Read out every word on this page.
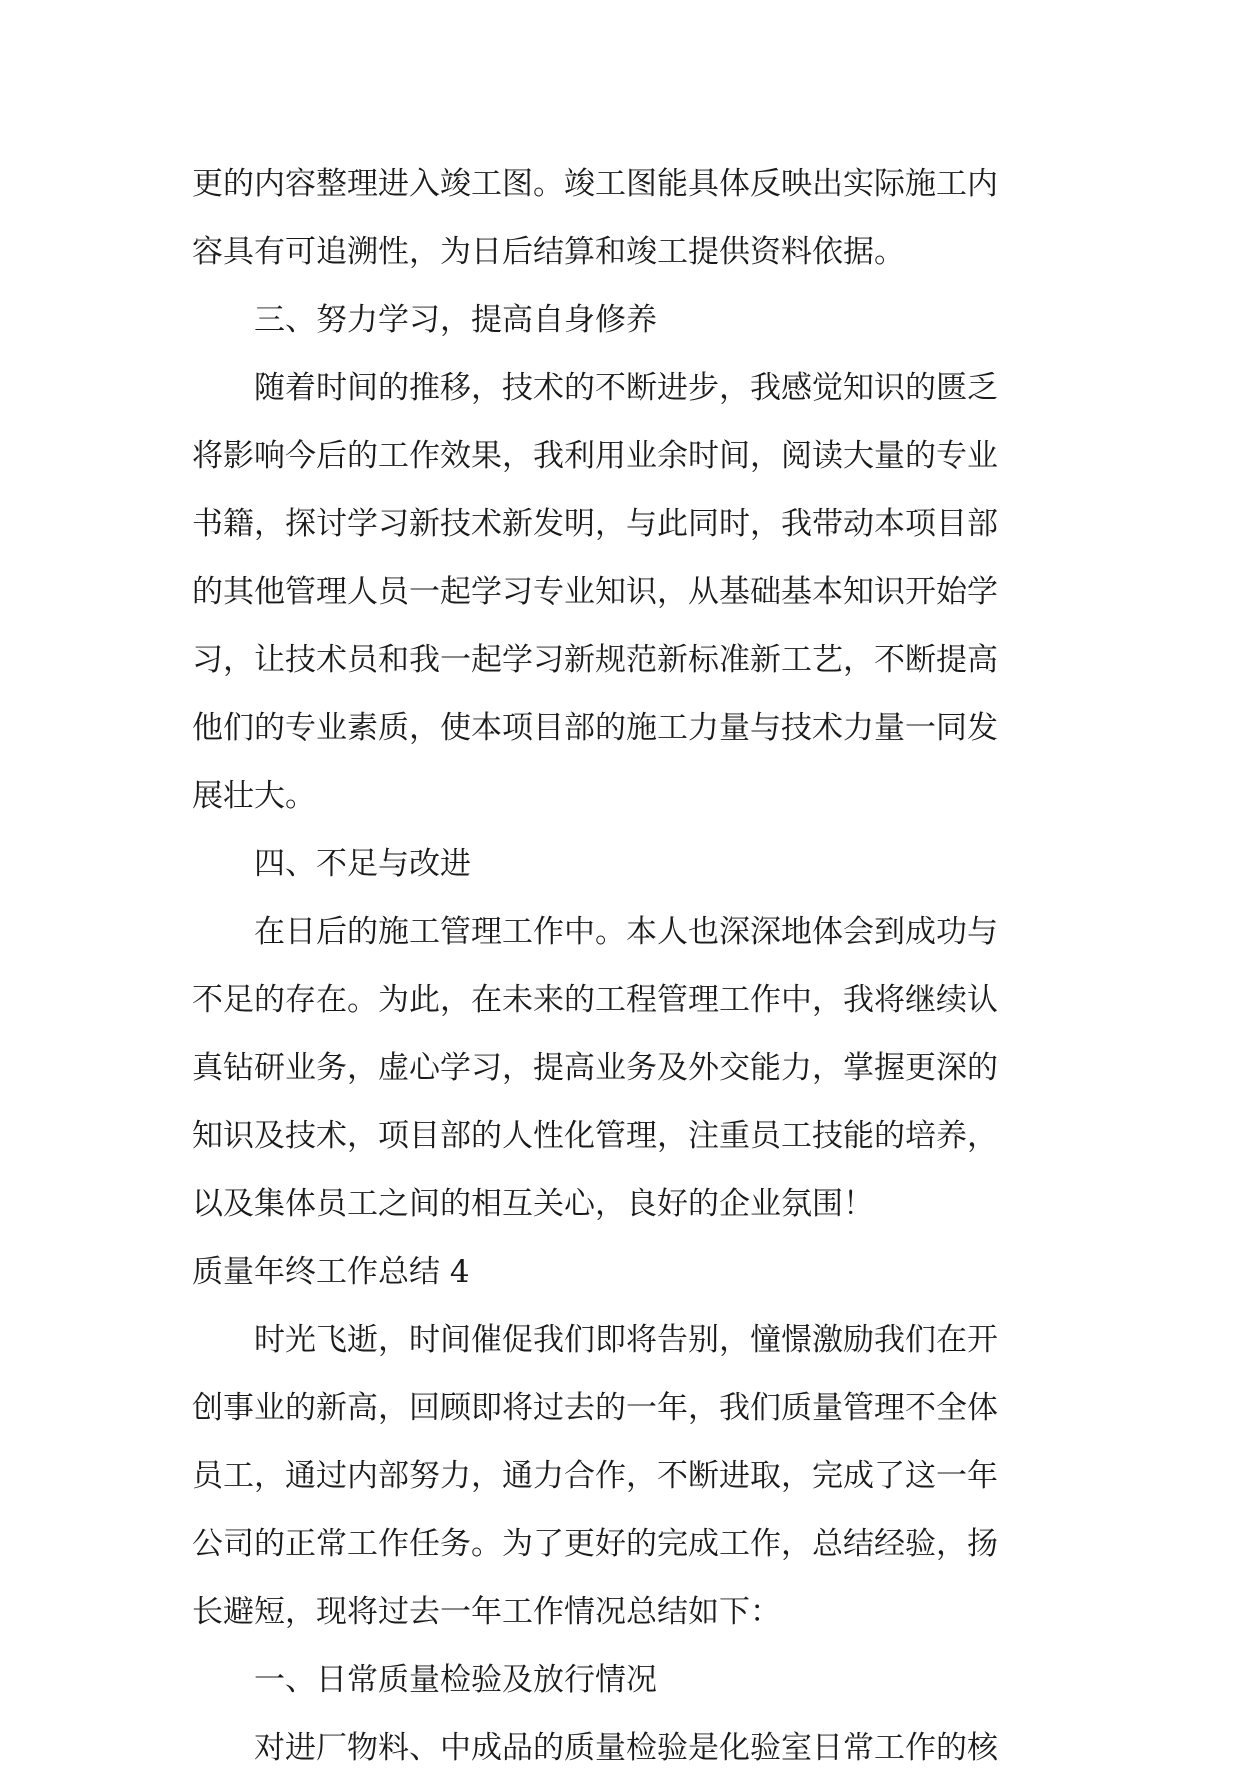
更的内容整理进入竣工图。竣工图能具体反映出实际施工内
容具有可追溯性，为日后结算和竣工提供资料依据。
三、努力学习，提高自身修养
随着时间的推移，技术的不断进步，我感觉知识的匮乏
将影响今后的工作效果，我利用业余时间，阅读大量的专业
书籍，探讨学习新技术新发明，与此同时，我带动本项目部
的其他管理人员一起学习专业知识，从基础基本知识开始学
习，让技术员和我一起学习新规范新标准新工艺，不断提高
他们的专业素质，使本项目部的施工力量与技术力量一同发
展壮大。
四、不足与改进
在日后的施工管理工作中。本人也深深地体会到成功与
不足的存在。为此，在未来的工程管理工作中，我将继续认
真钻研业务，虚心学习，提高业务及外交能力，掌握更深的
知识及技术，项目部的人性化管理，注重员工技能的培养，
以及集体员工之间的相互关心，良好的企业氛围！
质量年终工作总结 4
时光飞逝，时间催促我们即将告别，憧憬激励我们在开
创事业的新高，回顾即将过去的一年，我们质量管理不全体
员工，通过内部努力，通力合作，不断进取，完成了这一年
公司的正常工作任务。为了更好的完成工作，总结经验，扬
长避短，现将过去一年工作情况总结如下：
一、日常质量检验及放行情况
对进厂物料、中成品的质量检验是化验室日常工作的核
